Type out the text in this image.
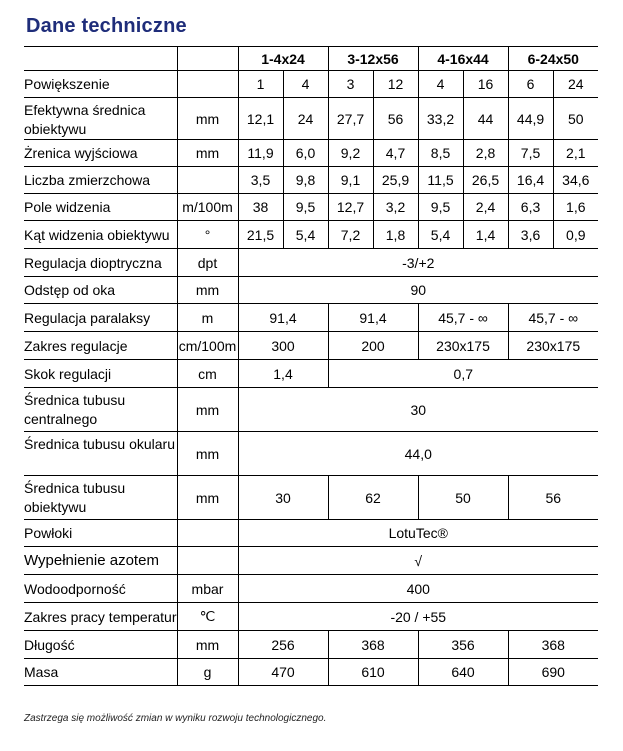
Dane techniczne
		1-4x24		3-12x56		4-16x44		6-24x50	
Powiększenie		1	4	3	12	4	16	6	24
Efektywna średnica obiektywu	mm	12,1	24	27,7	56	33,2	44	44,9	50
Żrenica wyjściowa	mm	11,9	6,0	9,2	4,7	8,5	2,8	7,5	2,1
Liczba zmierzchowa		3,5	9,8	9,1	25,9	11,5	26,5	16,4	34,6
Pole widzenia	m/100m	38	9,5	12,7	3,2	9,5	2,4	6,3	1,6
Kąt widzenia obiektywu	°	21,5	5,4	7,2	1,8	5,4	1,4	3,6	0,9
Regulacja dioptryczna	dpt	-3/+2							
Odstęp od oka	mm	90							
Regulacja paralaksy	m	91,4		91,4		45,7 - ∞		45,7 - ∞	
Zakres regulacje	cm/100m	300		200		230x175		230x175	
Skok regulacji	cm	1,4		0,7					
Średnica tubusu centralnego	mm	30							
Średnica tubusu okularu	mm	44,0							
Średnica tubusu obiektywu	mm	30		62		50		56	
Powłoki		LotuTec®							
Wypełnienie azotem		√							
Wodoodporność	mbar	400							
Zakres pracy temperatur	℃	-20 / +55							
Długość	mm	256		368		356		368	
Masa	g	470		610		640		690	
Zastrzega się możliwość zmian w wyniku rozwoju technologicznego.
